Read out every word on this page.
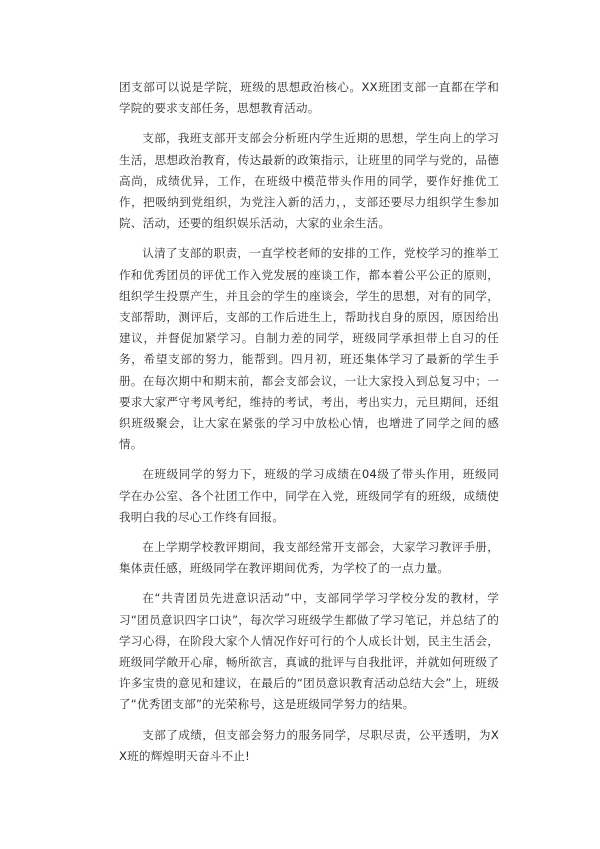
团支部可以说是学院，班级的思想政治核心。XX班团支部一直都在学和学院的要求支部任务，思想教育活动。

支部，我班支部开支部会分析班内学生近期的思想，学生向上的学习生活，思想政治教育，传达最新的政策指示，让班里的同学与党的，品德高尚，成绩优异，工作，在班级中模范带头作用的同学，要作好推优工作，把吸纳到党组织，为党注入新的活力，，支部还要尽力组织学生参加院、活动，还要的组织娱乐活动，大家的业余生活。

认清了支部的职责，一直学校老师的安排的工作，党校学习的推举工作和优秀团员的评优工作入党发展的座谈工作，都本着公平公正的原则，组织学生投票产生，并且会的学生的座谈会，学生的思想，对有的同学，支部帮助，测评后，支部的工作后进生上，帮助找自身的原因，原因给出建议，并督促加紧学习。自制力差的同学，班级同学承担带上自习的任务，希望支部的努力，能帮到。四月初，班还集体学习了最新的学生手册。在每次期中和期末前，都会支部会议，一让大家投入到总复习中；一要求大家严守考风考纪，维持的考试，考出，考出实力，元旦期间，还组织班级聚会，让大家在紧张的学习中放松心情，也增进了同学之间的感情。

在班级同学的努力下，班级的学习成绩在04级了带头作用，班级同学在办公室、各个社团工作中，同学在入党，班级同学有的班级，成绩使我明白我的尽心工作终有回报。

在上学期学校教评期间，我支部经常开支部会，大家学习教评手册，集体责任感，班级同学在教评期间优秀，为学校了的一点力量。

在“共青团员先进意识活动”中，支部同学学习学校分发的教材，学习“团员意识四字口诀”，每次学习班级学生都做了学习笔记，并总结了的学习心得，在阶段大家个人情况作好可行的个人成长计划，民主生活会，班级同学敞开心扉，畅所欲言，真诚的批评与自我批评，并就如何班级了许多宝贵的意见和建议，在最后的“团员意识教育活动总结大会”上，班级了“优秀团支部”的光荣称号，这是班级同学努力的结果。

支部了成绩，但支部会努力的服务同学，尽职尽责，公平透明，为XX班的辉煌明天奋斗不止!
